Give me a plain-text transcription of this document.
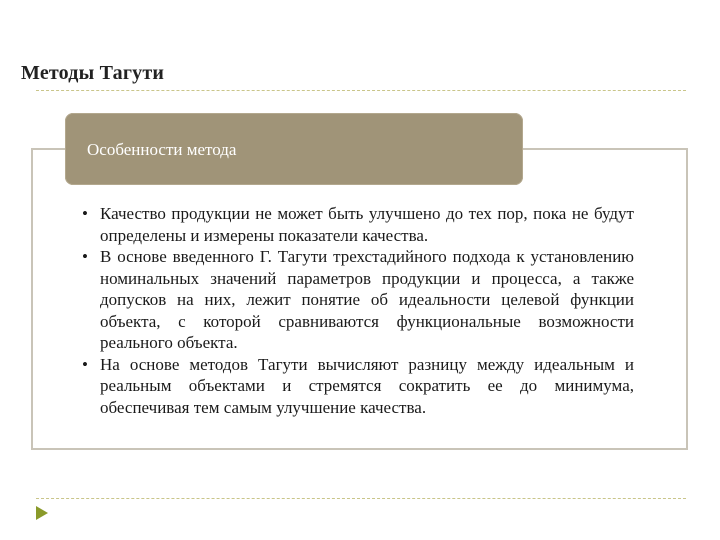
Методы Тагути
Особенности метода
• Качество продукции не может быть улучшено до тех пор, пока не будут определены и измерены показатели качества.
• В основе введенного Г. Тагути трехстадийного подхода к установлению номинальных значений параметров продукции и процесса, а также допусков на них, лежит понятие об идеальности целевой функции объекта, с которой сравниваются функциональные возможности реального объекта.
• На основе методов Тагути вычисляют разницу между идеальным и реальным объектами и стремятся сократить ее до минимума, обеспечивая тем самым улучшение качества.
